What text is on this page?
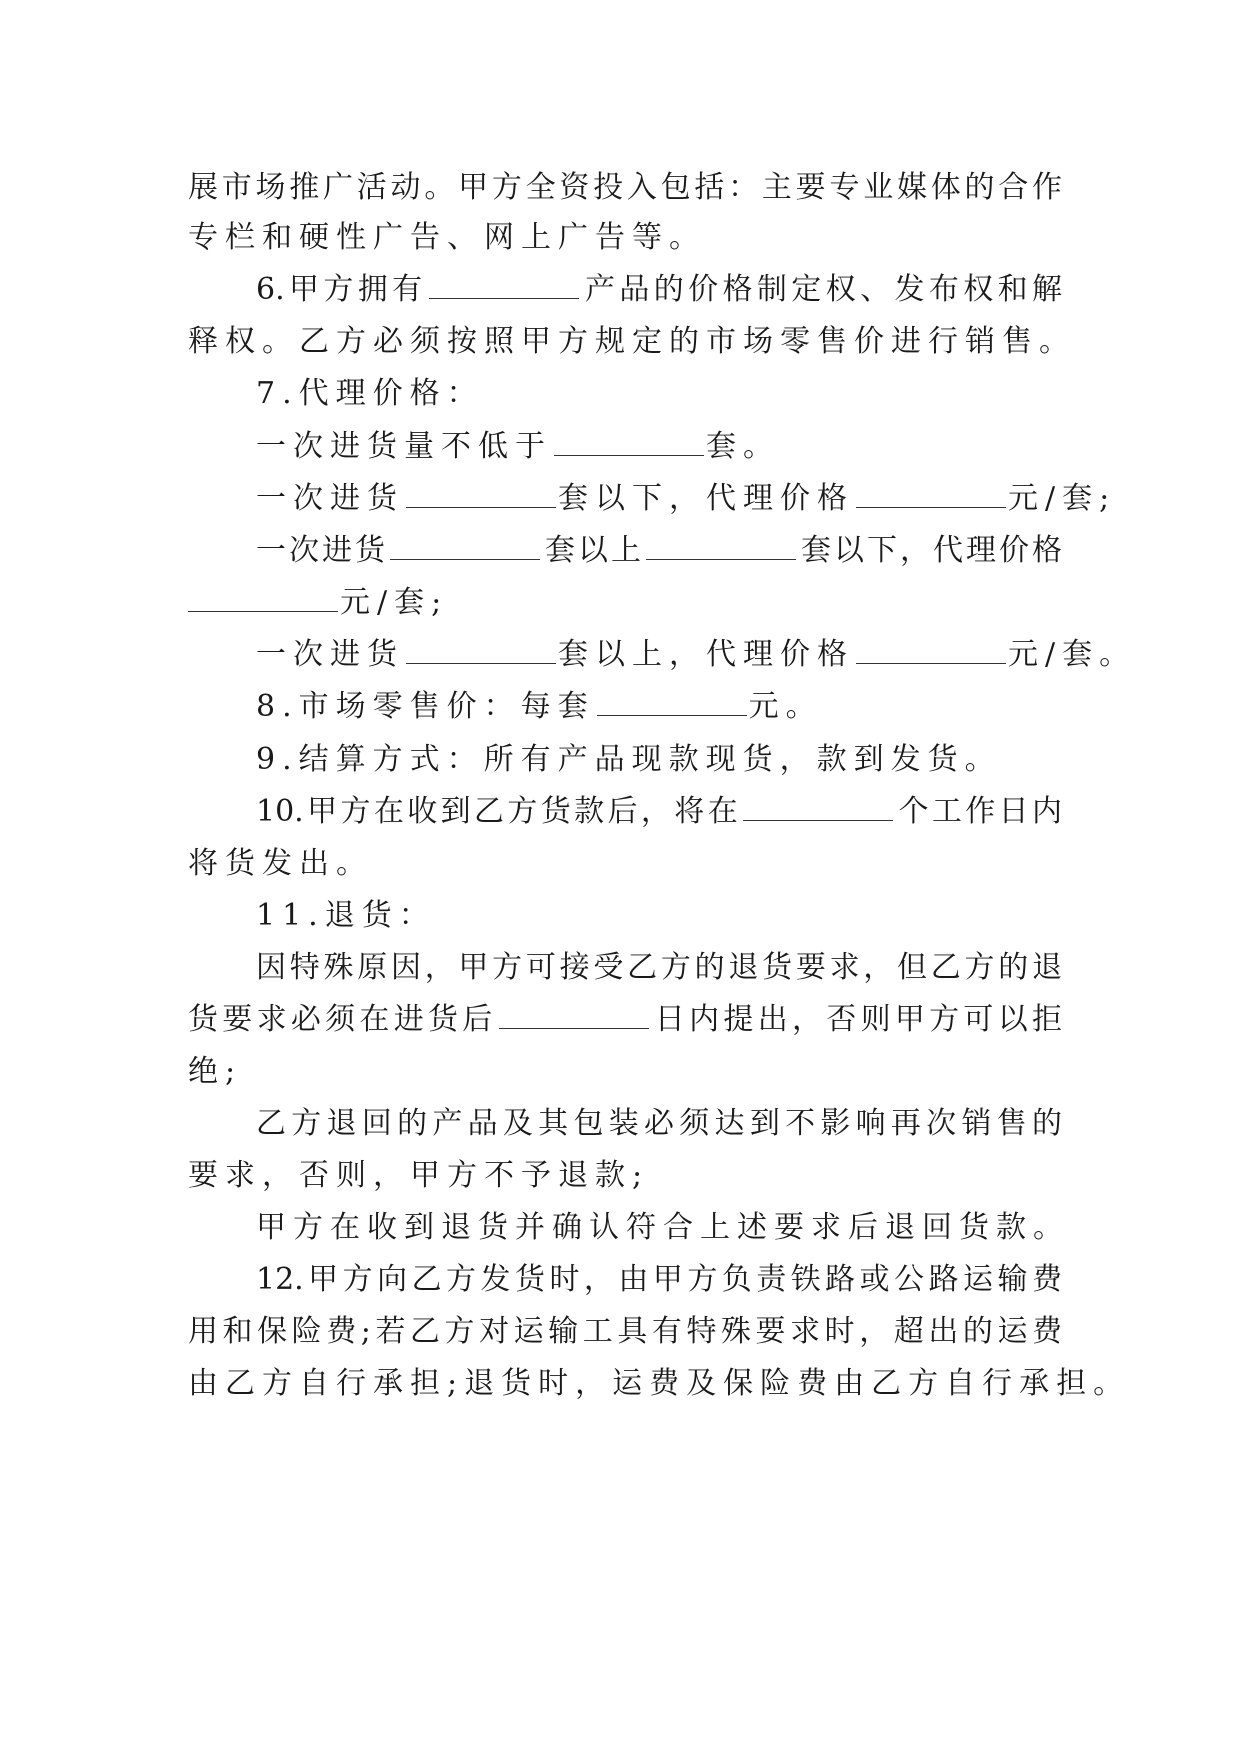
展市场推广活动。甲方全资投入包括：主要专业媒体的合作
专栏和硬性广告、网上广告等。
6.甲方拥有	产品的价格制定权、发布权和解
释权。乙方必须按照甲方规定的市场零售价进行销售。
7.代理价格：
一次进货量不低于	套。
一次进货	套以下，代理价格	元/套;
一次进货	套以上	套以下，代理价格
元/套;
一次进货	套以上，代理价格	元/套。
8.市场零售价：每套	元。
9.结算方式：所有产品现款现货，款到发货。
10.甲方在收到乙方货款后，将在	个工作日内
将货发出。
11.退货：
因特殊原因，甲方可接受乙方的退货要求，但乙方的退
货要求必须在进货后	日内提出，否则甲方可以拒
绝;
乙方退回的产品及其包装必须达到不影响再次销售的
要求，否则，甲方不予退款;
甲方在收到退货并确认符合上述要求后退回货款。
12.甲方向乙方发货时，由甲方负责铁路或公路运输费
用和保险费;若乙方对运输工具有特殊要求时，超出的运费
由乙方自行承担;退货时，运费及保险费由乙方自行承担。
